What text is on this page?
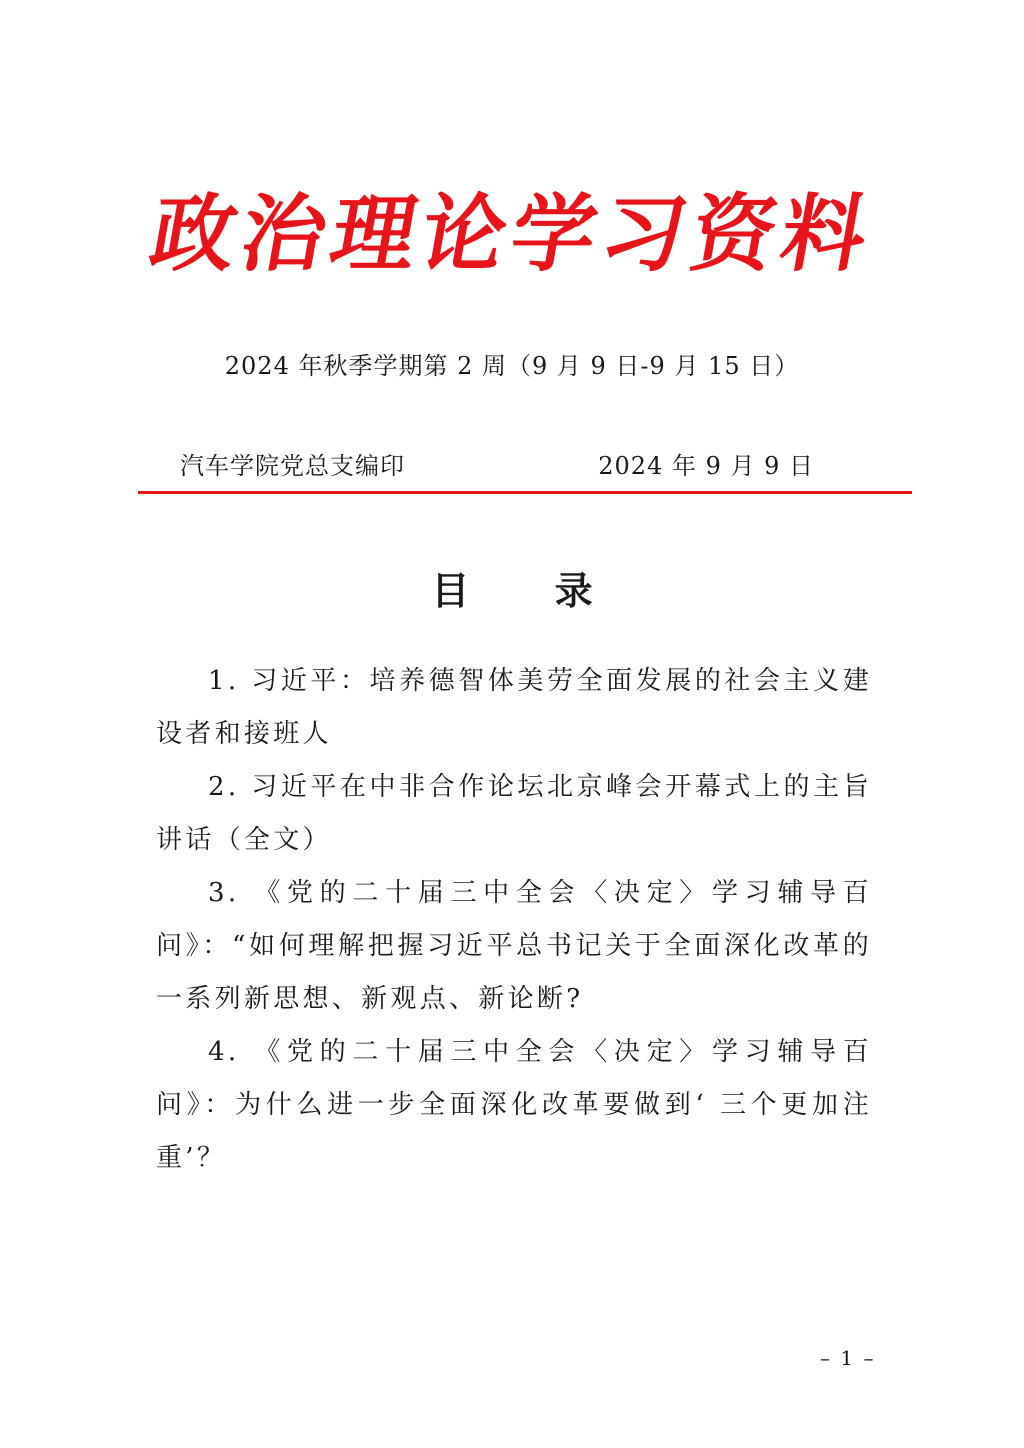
政治理论学习资料
2024 年秋季学期第 2 周（9 月 9 日-9 月 15 日）
汽车学院党总支编印	2024 年 9 月 9 日
目 录
1. 习近平：培养德智体美劳全面发展的社会主义建设者和接班人
2. 习近平在中非合作论坛北京峰会开幕式上的主旨讲话（全文）
3. 《党的二十届三中全会〈决定〉学习辅导百问》：“如何理解把握习近平总书记关于全面深化改革的一系列新思想、新观点、新论断?
4. 《党的二十届三中全会〈决定〉学习辅导百问》：为什么进一步全面深化改革要做到‘ 三个更加注重’？
– 1 –
